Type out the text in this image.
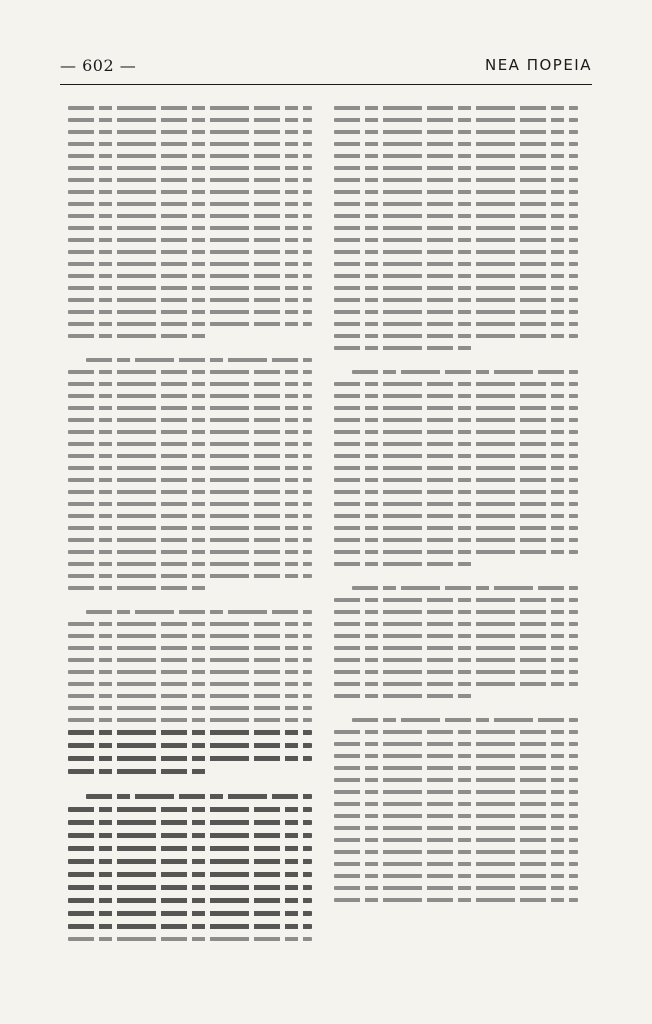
— 602 —	ΝΕΑ ΠΟΡΕΙΑ
